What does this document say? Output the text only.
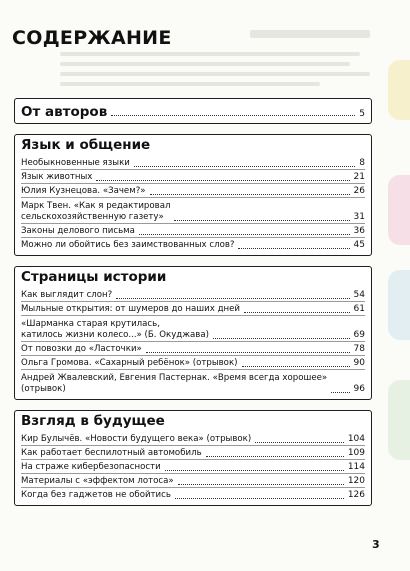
СОДЕРЖАНИЕ
От авторов	5
Язык и общение
Необыкновенные языки	8
Язык животных	21
Юлия Кузнецова. «Зачем?»	26
Марк Твен. «Как я редактировал
сельскохозяйственную газету»	31
Законы делового письма	36
Можно ли обойтись без заимствованных слов?	45
Страницы истории
Как выглядит слон?	54
Мыльные открытия: от шумеров до наших дней	61
«Шарманка старая крутилась,
катилось жизни колесо...» (Б. Окуджава)	69
От повозки до «Ласточки»	78
Ольга Громова. «Сахарный ребёнок» (отрывок)	90
Андрей Жвалевский, Евгения Пастернак. «Время всегда хорошее»
(отрывок)	96
Взгляд в будущее
Кир Булычёв. «Новости будущего века» (отрывок)	104
Как работает беспилотный автомобиль	109
На страже кибербезопасности	114
Материалы с «эффектом лотоса»	120
Когда без гаджетов не обойтись	126
3
